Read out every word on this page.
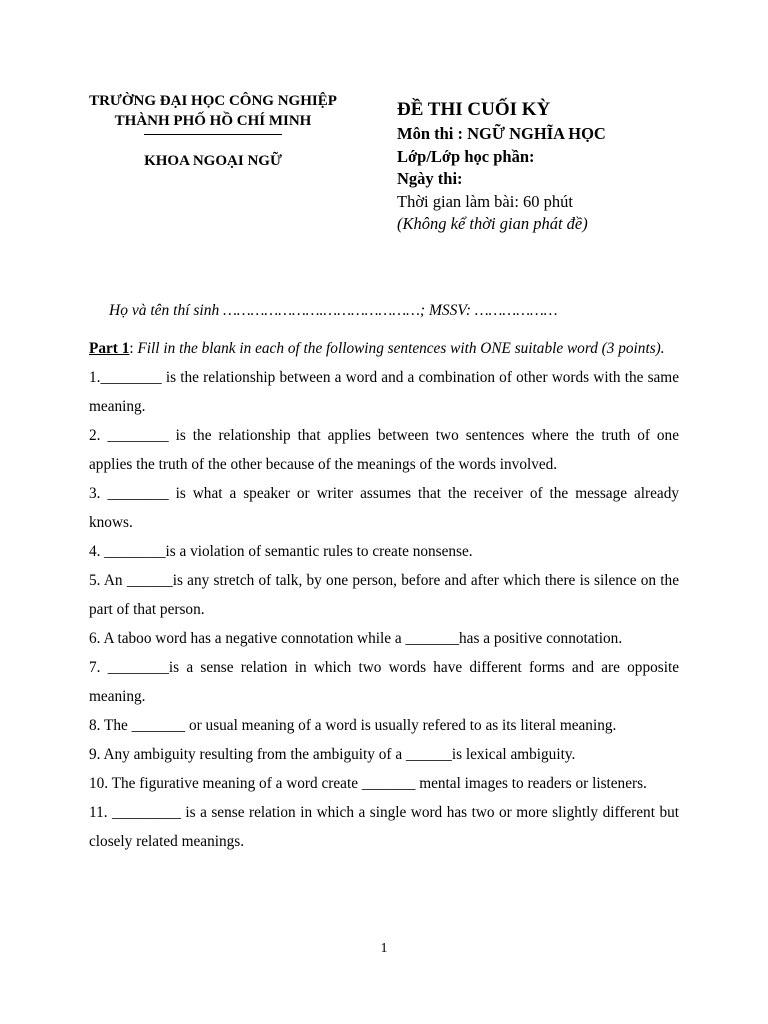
TRƯỜNG ĐẠI HỌC CÔNG NGHIỆP
THÀNH PHỐ HỒ CHÍ MINH
KHOA NGOẠI NGỮ
ĐỀ THI CUỐI KỲ
Môn thi : NGỮ NGHĨA HỌC
Lớp/Lớp học phần:
Ngày thi:
Thời gian làm bài: 60 phút
(Không kể thời gian phát đề)
Họ và tên thí sinh ………………….…………………; MSSV: ………………

Part 1: Fill in the blank in each of the following sentences with ONE suitable word (3 points).

1.________ is the relationship between a word and a combination of other words with the same meaning.

2. ________ is the relationship that applies between two sentences where the truth of one applies the truth of the other because of the meanings of the words involved.

3. ________ is what a speaker or writer assumes that the receiver of the message already knows.

4. ________is a violation of semantic rules to create nonsense.

5. An ______is any stretch of talk, by one person, before and after which there is silence on the part of that person.

6. A taboo word has a negative connotation while a _______has a positive connotation.

7. ________is a sense relation in which two words have different forms and are opposite meaning.

8. The _______ or usual meaning of a word is usually refered to as its literal meaning.

9. Any ambiguity resulting from the ambiguity of a ______is lexical ambiguity.

10. The figurative meaning of a word create _______ mental images to readers or listeners.

11. _________ is a sense relation in which a single word has two or more slightly different but closely related meanings.

1
